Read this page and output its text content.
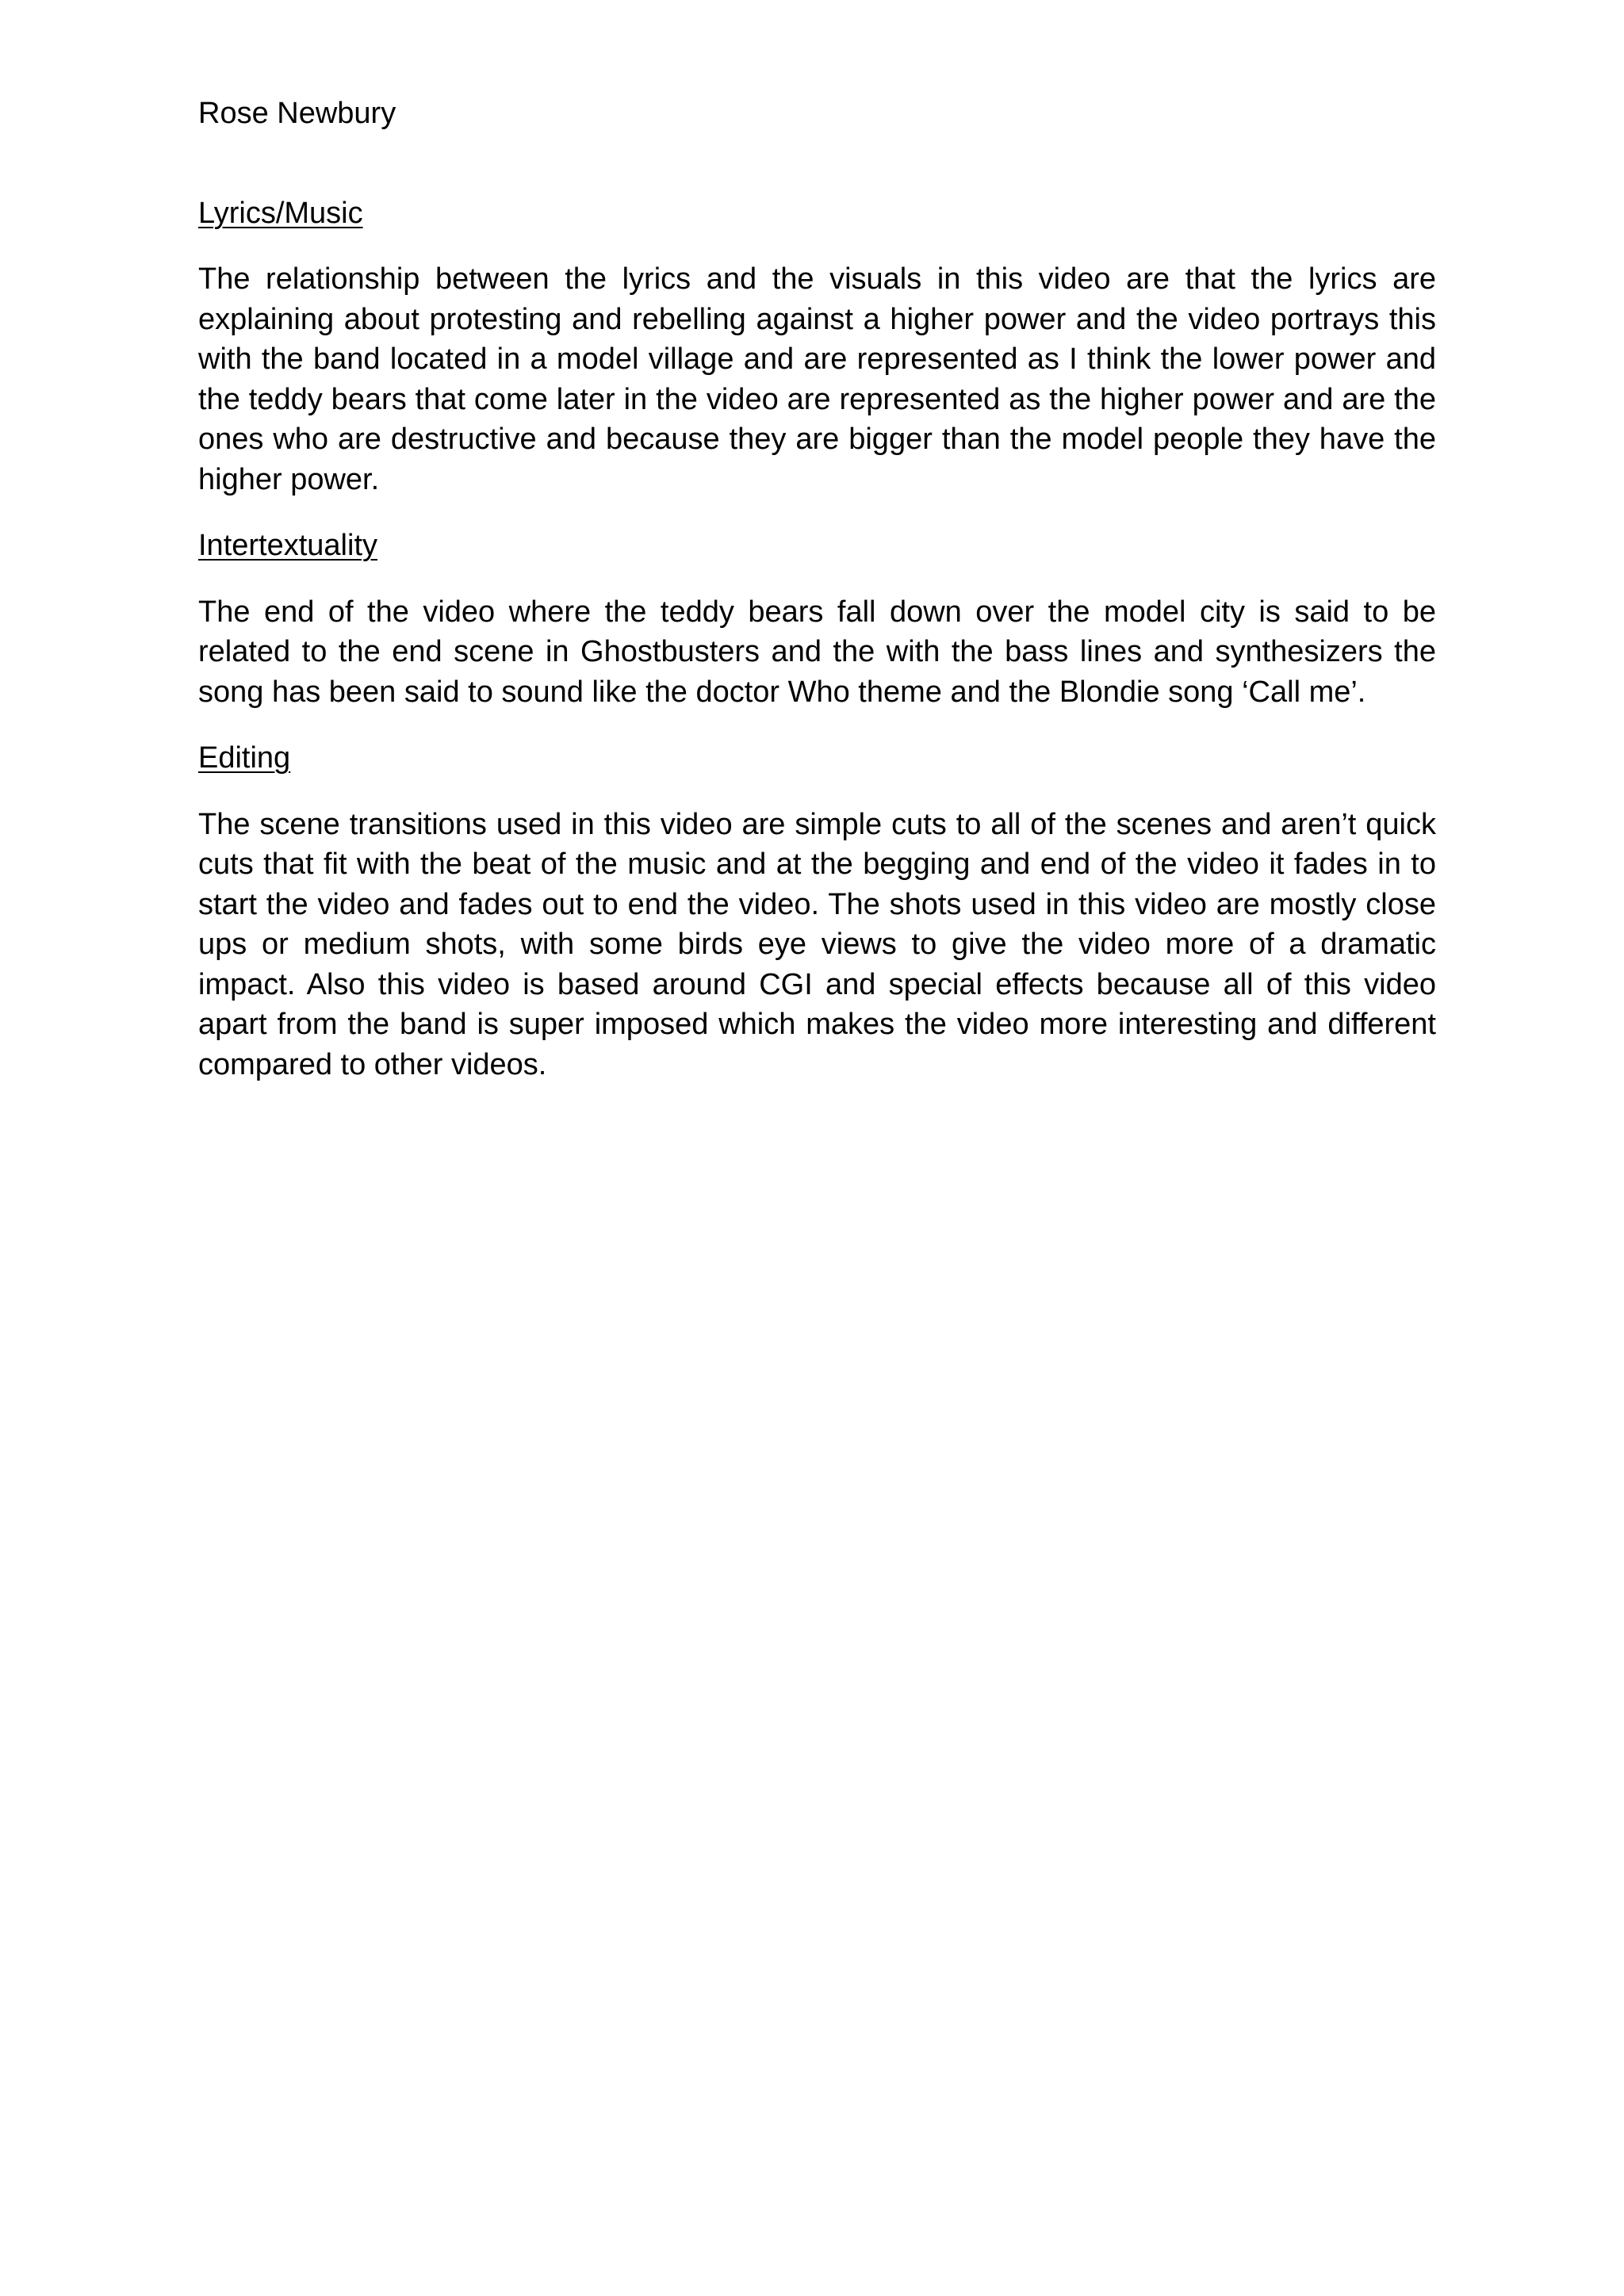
Rose Newbury
Lyrics/Music
The relationship between the lyrics and the visuals in this video are that the lyrics are explaining about protesting and rebelling against a higher power and the video portrays this with the band located in a model village and are represented as I think the lower power and the teddy bears that come later in the video are represented as the higher power and are the ones who are destructive and because they are bigger than the model people they have the higher power.
Intertextuality
The end of the video where the teddy bears fall down over the model city is said to be related to the end scene in Ghostbusters and the with the bass lines and synthesizers the song has been said to sound like the doctor Who theme and the Blondie song ‘Call me’.
Editing
The scene transitions used in this video are simple cuts to all of the scenes and aren’t quick cuts that fit with the beat of the music and at the begging and end of the video it fades in to start the video and fades out to end the video. The shots used in this video are mostly close ups or medium shots, with some birds eye views to give the video more of a dramatic impact. Also this video is based around CGI and special effects because all of this video apart from the band is super imposed which makes the video more interesting and different compared to other videos.
